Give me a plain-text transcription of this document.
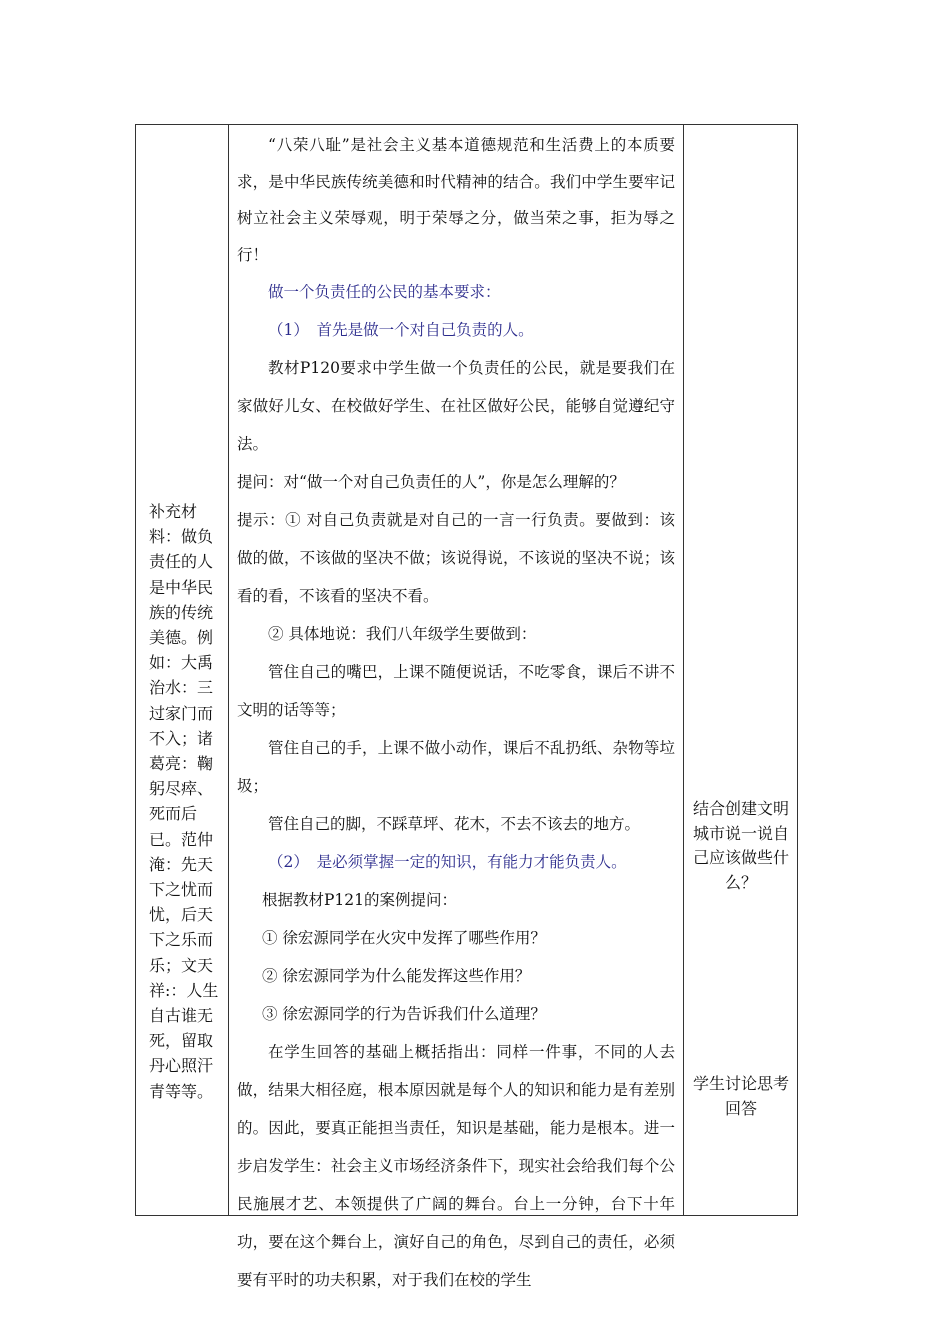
补充材料：做负责任的人是中华民族的传统美德。例如：大禹治水：三过家门而不入；诸葛亮：鞠躬尽瘁、死而后已。范仲淹：先天下之忧而忧，后天下之乐而乐；文天祥:：人生自古谁无死，留取丹心照汗青等等。

“八荣八耻”是社会主义基本道德规范和生活费上的本质要求，是中华民族传统美德和时代精神的结合。我们中学生要牢记树立社会主义荣辱观，明于荣辱之分，做当荣之事，拒为辱之行！

做一个负责任的公民的基本要求：

（1）　首先是做一个对自己负责的人。

教材P120要求中学生做一个负责任的公民，就是要我们在家做好儿女、在校做好学生、在社区做好公民，能够自觉遵纪守法。

提问：对“做一个对自己负责任的人”，你是怎么理解的？

提示：① 对自己负责就是对自己的一言一行负责。要做到：该做的做，不该做的坚决不做；该说得说，不该说的坚决不说；该看的看，不该看的坚决不看。

② 具体地说：我们八年级学生要做到：

管住自己的嘴巴，上课不随便说话，不吃零食，课后不讲不文明的话等等；

管住自己的手，上课不做小动作，课后不乱扔纸、杂物等垃圾；

管住自己的脚，不踩草坪、花木，不去不该去的地方。

（2）　是必须掌握一定的知识，有能力才能负责人。

根据教材P121的案例提问：

① 徐宏源同学在火灾中发挥了哪些作用？

② 徐宏源同学为什么能发挥这些作用？

③ 徐宏源同学的行为告诉我们什么道理？

在学生回答的基础上概括指出：同样一件事，不同的人去做，结果大相径庭，根本原因就是每个人的知识和能力是有差别的。因此，要真正能担当责任，知识是基础，能力是根本。进一步启发学生：社会主义市场经济条件下，现实社会给我们每个公民施展才艺、本领提供了广阔的舞台。台上一分钟，台下十年功，要在这个舞台上，演好自己的角色，尽到自己的责任，必须要有平时的功夫积累，对于我们在校的学生

结合创建文明城市说一说自己应该做些什么？
学生讨论思考回答
